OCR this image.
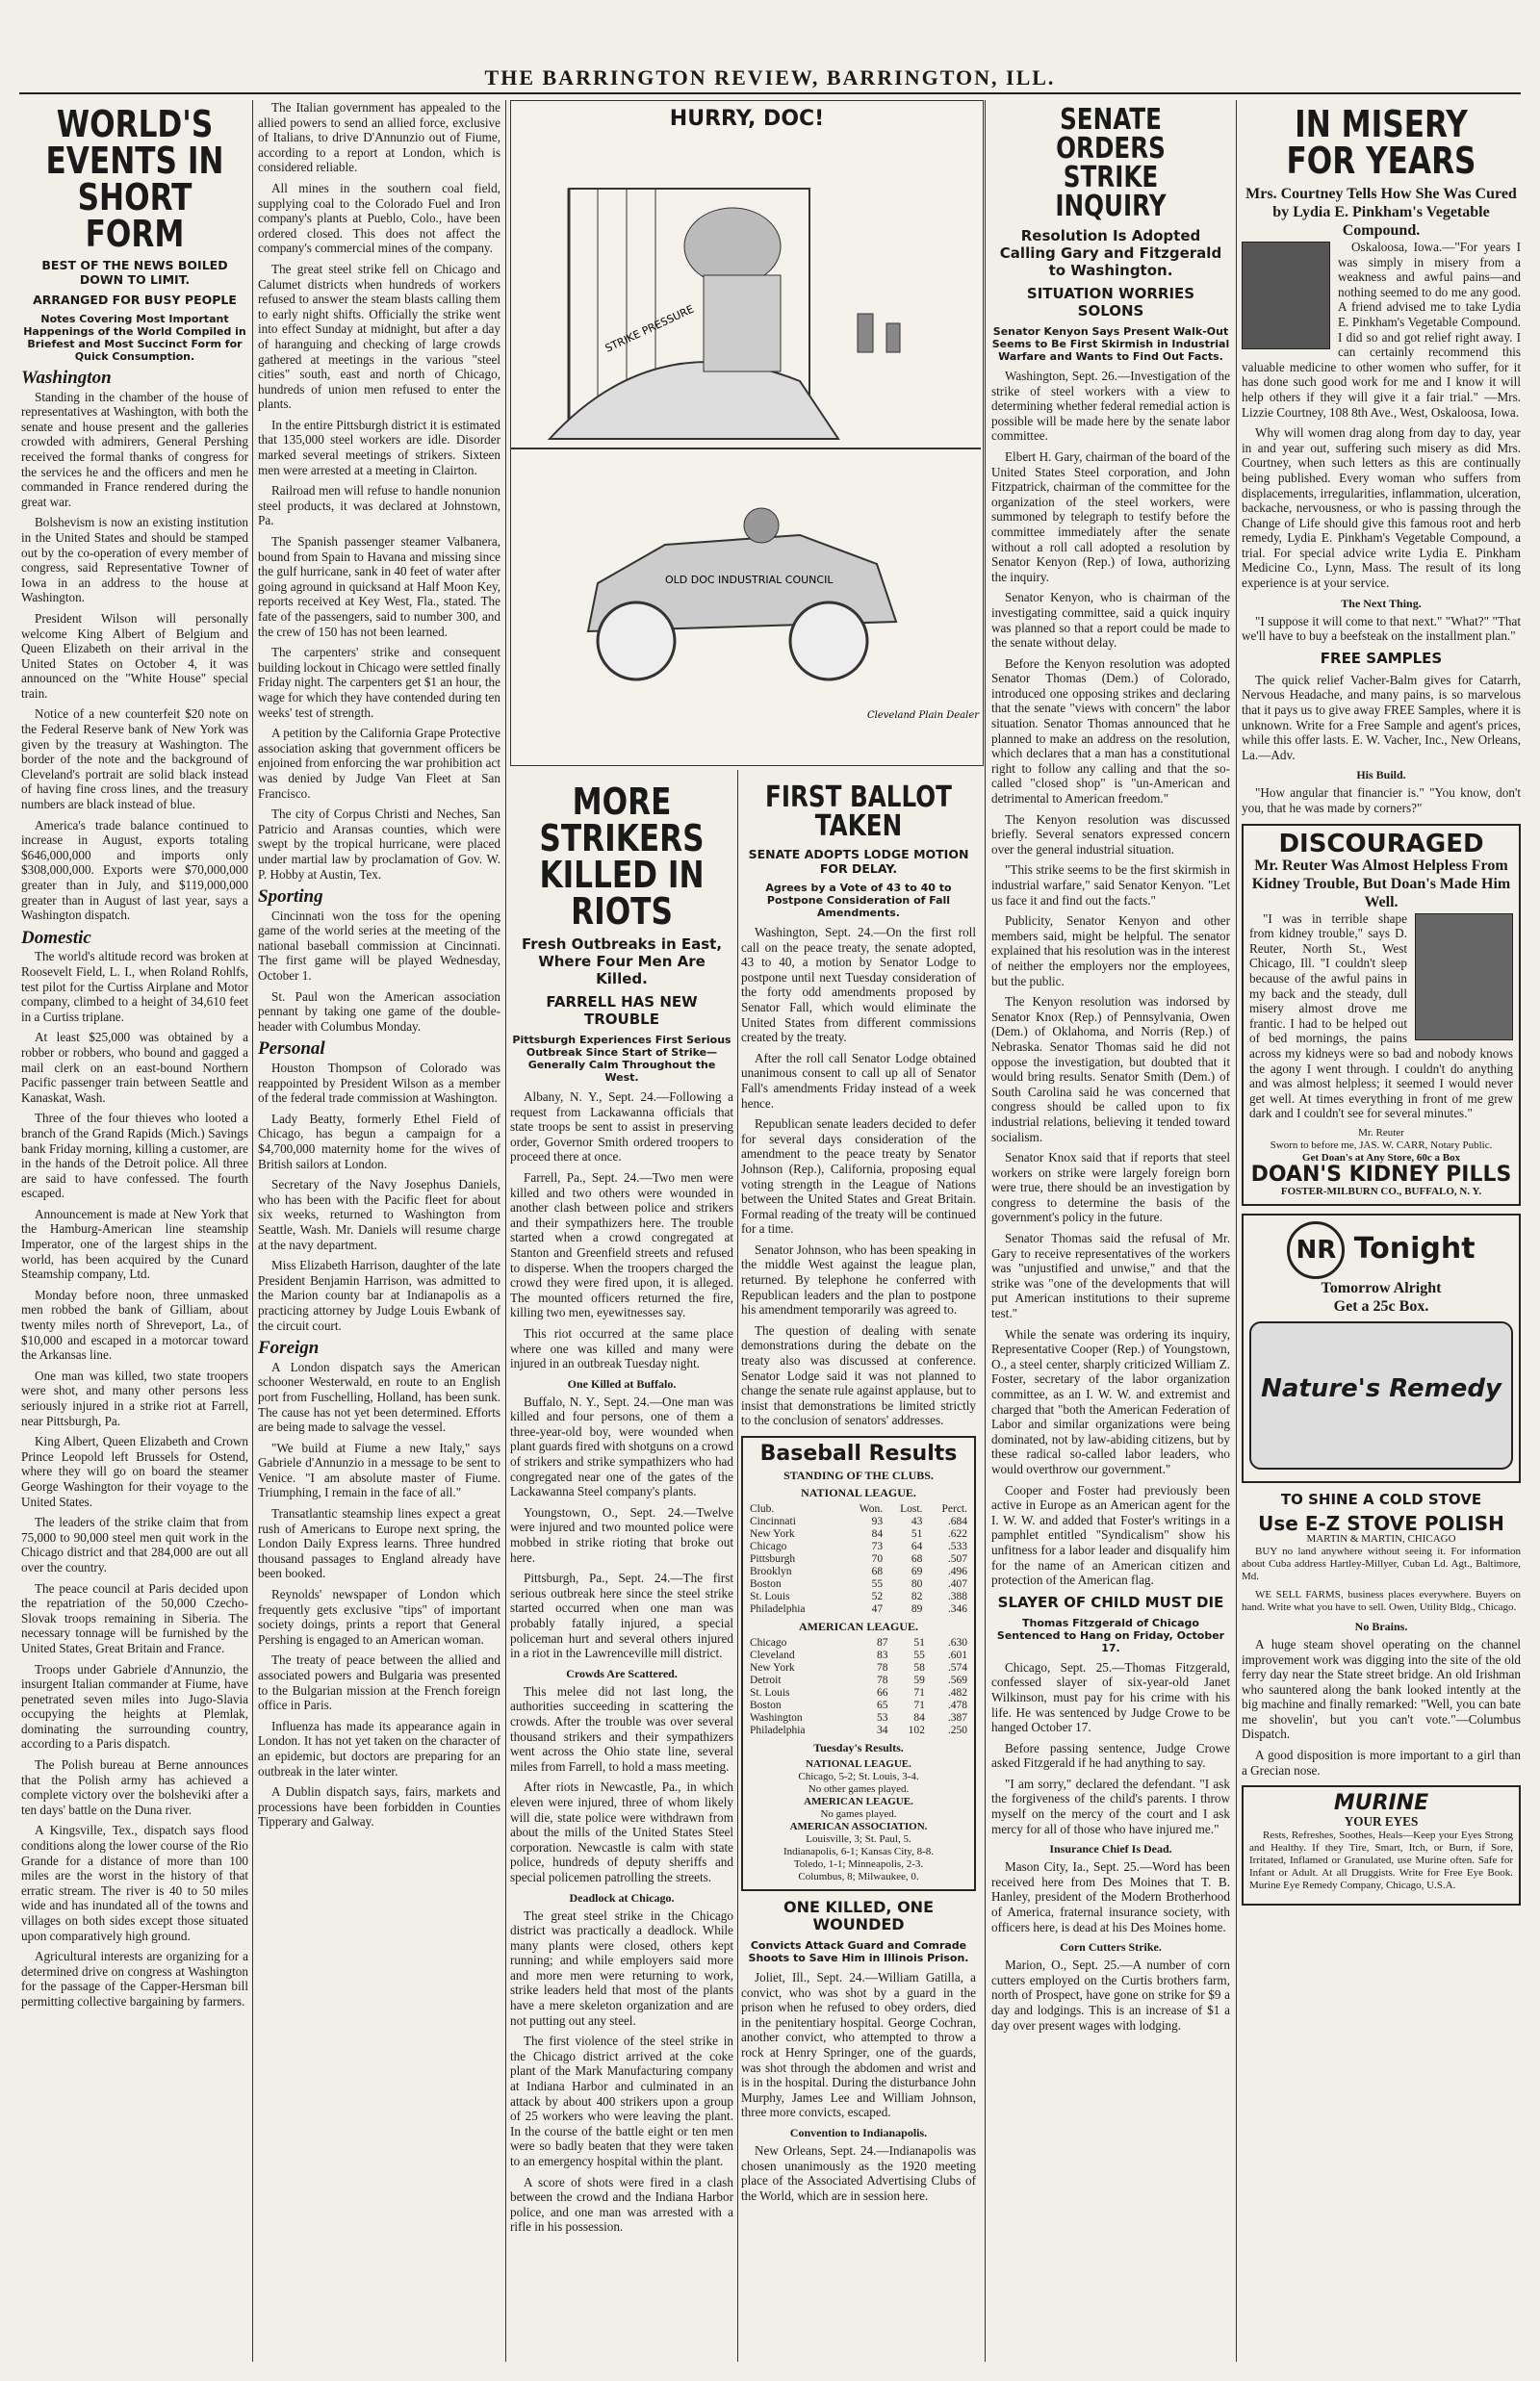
THE BARRINGTON REVIEW, BARRINGTON, ILL.
WORLD'S EVENTS IN SHORT FORM
BEST OF THE NEWS BOILED DOWN TO LIMIT.
ARRANGED FOR BUSY PEOPLE
Notes Covering Most Important Happenings of the World Compiled in Briefest and Most Succinct Form for Quick Consumption.
Washington

Standing in the chamber of the house of representatives at Washington, with both the senate and house present and the galleries crowded with admirers, General Pershing received the formal thanks of congress for the services he and the officers and men he commanded in France rendered during the great war.

Bolshevism is now an existing institution in the United States and should be stamped out by the co-operation of every member of congress, said Representative Towner of Iowa in an address to the house at Washington.

President Wilson will personally welcome King Albert of Belgium and Queen Elizabeth on their arrival in the United States on October 4, it was announced on the "White House" special train.

Notice of a new counterfeit $20 note on the Federal Reserve bank of New York was given by the treasury at Washington. The border of the note and the background of Cleveland's portrait are solid black instead of having fine cross lines, and the treasury numbers are black instead of blue.

America's trade balance continued to increase in August, exports totaling $646,000,000 and imports only $308,000,000. Exports were $70,000,000 greater than in July, and $119,000,000 greater than in August of last year, says a Washington dispatch.

Domestic

The world's altitude record was broken at Roosevelt Field, L. I., when Roland Rohlfs, test pilot for the Curtiss Airplane and Motor company, climbed to a height of 34,610 feet in a Curtiss triplane.

At least $25,000 was obtained by a robber or robbers, who bound and gagged a mail clerk on an east-bound Northern Pacific passenger train between Seattle and Kanaskat, Wash.

Three of the four thieves who looted a branch of the Grand Rapids (Mich.) Savings bank Friday morning, killing a customer, are in the hands of the Detroit police. All three are said to have confessed. The fourth escaped.

Announcement is made at New York that the Hamburg-American line steamship Imperator, one of the largest ships in the world, has been acquired by the Cunard Steamship company, Ltd.

Monday before noon, three unmasked men robbed the bank of Gilliam, about twenty miles north of Shreveport, La., of $10,000 and escaped in a motorcar toward the Arkansas line.

One man was killed, two state troopers were shot, and many other persons less seriously injured in a strike riot at Farrell, near Pittsburgh, Pa.

King Albert, Queen Elizabeth and Crown Prince Leopold left Brussels for Ostend, where they will go on board the steamer George Washington for their voyage to the United States.

The leaders of the strike claim that from 75,000 to 90,000 steel men quit work in the Chicago district and that 284,000 are out all over the country.

The peace council at Paris decided upon the repatriation of the 50,000 Czecho-Slovak troops remaining in Siberia. The necessary tonnage will be furnished by the United States, Great Britain and France.

Troops under Gabriele d'Annunzio, the insurgent Italian commander at Fiume, have penetrated seven miles into Jugo-Slavia occupying the heights at Plemlak, dominating the surrounding country, according to a Paris dispatch.

The Polish bureau at Berne announces that the Polish army has achieved a complete victory over the bolsheviki after a ten days' battle on the Duna river.

A Kingsville, Tex., dispatch says flood conditions along the lower course of the Rio Grande for a distance of more than 100 miles are the worst in the history of that erratic stream. The river is 40 to 50 miles wide and has inundated all of the towns and villages on both sides except those situated upon comparatively high ground.

Agricultural interests are organizing for a determined drive on congress at Washington for the passage of the Capper-Hersman bill permitting collective bargaining by farmers.

The Italian government has appealed to the allied powers to send an allied force, exclusive of Italians, to drive D'Annunzio out of Fiume, according to a report at London, which is considered reliable.

All mines in the southern coal field, supplying coal to the Colorado Fuel and Iron company's plants at Pueblo, Colo., have been ordered closed. This does not affect the company's commercial mines of the company.

The great steel strike fell on Chicago and Calumet districts when hundreds of workers refused to answer the steam blasts calling them to early night shifts. Officially the strike went into effect Sunday at midnight, but after a day of haranguing and checking of large crowds gathered at meetings in the various "steel cities" south, east and north of Chicago, hundreds of union men refused to enter the plants.

In the entire Pittsburgh district it is estimated that 135,000 steel workers are idle. Disorder marked several meetings of strikers. Sixteen men were arrested at a meeting in Clairton.

Railroad men will refuse to handle nonunion steel products, it was declared at Johnstown, Pa.

The Spanish passenger steamer Valbanera, bound from Spain to Havana and missing since the gulf hurricane, sank in 40 feet of water after going aground in quicksand at Half Moon Key, reports received at Key West, Fla., stated. The fate of the passengers, said to number 300, and the crew of 150 has not been learned.

The carpenters' strike and consequent building lockout in Chicago were settled finally Friday night. The carpenters get $1 an hour, the wage for which they have contended during ten weeks' test of strength.

A petition by the California Grape Protective association asking that government officers be enjoined from enforcing the war prohibition act was denied by Judge Van Fleet at San Francisco.

The city of Corpus Christi and Neches, San Patricio and Aransas counties, which were swept by the tropical hurricane, were placed under martial law by proclamation of Gov. W. P. Hobby at Austin, Tex.

Sporting

Cincinnati won the toss for the opening game of the world series at the meeting of the national baseball commission at Cincinnati. The first game will be played Wednesday, October 1.

St. Paul won the American association pennant by taking one game of the double-header with Columbus Monday.

Personal

Houston Thompson of Colorado was reappointed by President Wilson as a member of the federal trade commission at Washington.

Lady Beatty, formerly Ethel Field of Chicago, has begun a campaign for a $4,700,000 maternity home for the wives of British sailors at London.

Secretary of the Navy Josephus Daniels, who has been with the Pacific fleet for about six weeks, returned to Washington from Seattle, Wash. Mr. Daniels will resume charge at the navy department.

Miss Elizabeth Harrison, daughter of the late President Benjamin Harrison, was admitted to the Marion county bar at Indianapolis as a practicing attorney by Judge Louis Ewbank of the circuit court.

Foreign

A London dispatch says the American schooner Westerwald, en route to an English port from Fuschelling, Holland, has been sunk. The cause has not yet been determined. Efforts are being made to salvage the vessel.

"We build at Fiume a new Italy," says Gabriele d'Annunzio in a message to be sent to Venice. "I am absolute master of Fiume. Triumphing, I remain in the face of all."

Transatlantic steamship lines expect a great rush of Americans to Europe next spring, the London Daily Express learns. Three hundred thousand passages to England already have been booked.

Reynolds' newspaper of London which frequently gets exclusive "tips" of important society doings, prints a report that General Pershing is engaged to an American woman.

The treaty of peace between the allied and associated powers and Bulgaria was presented to the Bulgarian mission at the French foreign office in Paris.

Influenza has made its appearance again in London. It has not yet taken on the character of an epidemic, but doctors are preparing for an outbreak in the later winter.

A Dublin dispatch says, fairs, markets and processions have been forbidden in Counties Tipperary and Galway.

HURRY, DOC!
STRIKE PRESSURE
OLD DOC INDUSTRIAL COUNCIL
Cleveland Plain Dealer
MORE STRIKERS KILLED IN RIOTS
Fresh Outbreaks in East, Where Four Men Are Killed.
FARRELL HAS NEW TROUBLE
Pittsburgh Experiences First Serious Outbreak Since Start of Strike—Generally Calm Throughout the West.

Albany, N. Y., Sept. 24.—Following a request from Lackawanna officials that state troops be sent to assist in preserving order, Governor Smith ordered troopers to proceed there at once.

Farrell, Pa., Sept. 24.—Two men were killed and two others were wounded in another clash between police and strikers and their sympathizers here. The trouble started when a crowd congregated at Stanton and Greenfield streets and refused to disperse. When the troopers charged the crowd they were fired upon, it is alleged. The mounted officers returned the fire, killing two men, eyewitnesses say.

This riot occurred at the same place where one was killed and many were injured in an outbreak Tuesday night.

One Killed at Buffalo.

Buffalo, N. Y., Sept. 24.—One man was killed and four persons, one of them a three-year-old boy, were wounded when plant guards fired with shotguns on a crowd of strikers and strike sympathizers who had congregated near one of the gates of the Lackawanna Steel company's plants.

Youngstown, O., Sept. 24.—Twelve were injured and two mounted police were mobbed in strike rioting that broke out here.

Pittsburgh, Pa., Sept. 24.—The first serious outbreak here since the steel strike started occurred when one man was probably fatally injured, a special policeman hurt and several others injured in a riot in the Lawrenceville mill district.

Crowds Are Scattered.

This melee did not last long, the authorities succeeding in scattering the crowds. After the trouble was over several thousand strikers and their sympathizers went across the Ohio state line, several miles from Farrell, to hold a mass meeting.

After riots in Newcastle, Pa., in which eleven were injured, three of whom likely will die, state police were withdrawn from about the mills of the United States Steel corporation. Newcastle is calm with state police, hundreds of deputy sheriffs and special policemen patrolling the streets.

Deadlock at Chicago.

The great steel strike in the Chicago district was practically a deadlock. While many plants were closed, others kept running; and while employers said more and more men were returning to work, strike leaders held that most of the plants have a mere skeleton organization and are not putting out any steel.

The first violence of the steel strike in the Chicago district arrived at the coke plant of the Mark Manufacturing company at Indiana Harbor and culminated in an attack by about 400 strikers upon a group of 25 workers who were leaving the plant. In the course of the battle eight or ten men were so badly beaten that they were taken to an emergency hospital within the plant.

A score of shots were fired in a clash between the crowd and the Indiana Harbor police, and one man was arrested with a rifle in his possession.

FIRST BALLOT TAKEN
SENATE ADOPTS LODGE MOTION FOR DELAY.
Agrees by a Vote of 43 to 40 to Postpone Consideration of Fall Amendments.

Washington, Sept. 24.—On the first roll call on the peace treaty, the senate adopted, 43 to 40, a motion by Senator Lodge to postpone until next Tuesday consideration of the forty odd amendments proposed by Senator Fall, which would eliminate the United States from different commissions created by the treaty.

After the roll call Senator Lodge obtained unanimous consent to call up all of Senator Fall's amendments Friday instead of a week hence.

Republican senate leaders decided to defer for several days consideration of the amendment to the peace treaty by Senator Johnson (Rep.), California, proposing equal voting strength in the League of Nations between the United States and Great Britain. Formal reading of the treaty will be continued for a time.

Senator Johnson, who has been speaking in the middle West against the league plan, returned. By telephone he conferred with Republican leaders and the plan to postpone his amendment temporarily was agreed to.

The question of dealing with senate demonstrations during the debate on the treaty also was discussed at conference. Senator Lodge said it was not planned to change the senate rule against applause, but to insist that demonstrations be limited strictly to the conclusion of senators' addresses.

Baseball Results
STANDING OF THE CLUBS.
NATIONAL LEAGUE.
Club.	Won.	Lost.	Perct.
Cincinnati	93	43	.684
New York	84	51	.622
Chicago	73	64	.533
Pittsburgh	70	68	.507
Brooklyn	68	69	.496
Boston	55	80	.407
St. Louis	52	82	.388
Philadelphia	47	89	.346
AMERICAN LEAGUE.
Chicago	87	51	.630
Cleveland	83	55	.601
New York	78	58	.574
Detroit	78	59	.569
St. Louis	66	71	.482
Boston	65	71	.478
Washington	53	84	.387
Philadelphia	34	102	.250
Tuesday's Results.
NATIONAL LEAGUE.
Chicago, 5-2; St. Louis, 3-4.
No other games played.
AMERICAN LEAGUE.
No games played.
AMERICAN ASSOCIATION.
Louisville, 3; St. Paul, 5.
Indianapolis, 6-1; Kansas City, 8-8.
Toledo, 1-1; Minneapolis, 2-3.
Columbus, 8; Milwaukee, 0.
ONE KILLED, ONE WOUNDED
Convicts Attack Guard and Comrade Shoots to Save Him in Illinois Prison.

Joliet, Ill., Sept. 24.—William Gatilla, a convict, who was shot by a guard in the prison when he refused to obey orders, died in the penitentiary hospital. George Cochran, another convict, who attempted to throw a rock at Henry Springer, one of the guards, was shot through the abdomen and wrist and is in the hospital. During the disturbance John Murphy, James Lee and William Johnson, three more convicts, escaped.

Convention to Indianapolis.

New Orleans, Sept. 24.—Indianapolis was chosen unanimously as the 1920 meeting place of the Associated Advertising Clubs of the World, which are in session here.

SENATE ORDERS STRIKE INQUIRY
Resolution Is Adopted Calling Gary and Fitzgerald to Washington.
SITUATION WORRIES SOLONS
Senator Kenyon Says Present Walk-Out Seems to Be First Skirmish in Industrial Warfare and Wants to Find Out Facts.

Washington, Sept. 26.—Investigation of the strike of steel workers with a view to determining whether federal remedial action is possible will be made here by the senate labor committee.

Elbert H. Gary, chairman of the board of the United States Steel corporation, and John Fitzpatrick, chairman of the committee for the organization of the steel workers, were summoned by telegraph to testify before the committee immediately after the senate without a roll call adopted a resolution by Senator Kenyon (Rep.) of Iowa, authorizing the inquiry.

Senator Kenyon, who is chairman of the investigating committee, said a quick inquiry was planned so that a report could be made to the senate without delay.

Before the Kenyon resolution was adopted Senator Thomas (Dem.) of Colorado, introduced one opposing strikes and declaring that the senate "views with concern" the labor situation. Senator Thomas announced that he planned to make an address on the resolution, which declares that a man has a constitutional right to follow any calling and that the so-called "closed shop" is "un-American and detrimental to American freedom."

The Kenyon resolution was discussed briefly. Several senators expressed concern over the general industrial situation.

"This strike seems to be the first skirmish in industrial warfare," said Senator Kenyon. "Let us face it and find out the facts."

Publicity, Senator Kenyon and other members said, might be helpful. The senator explained that his resolution was in the interest of neither the employers nor the employees, but the public.

The Kenyon resolution was indorsed by Senator Knox (Rep.) of Pennsylvania, Owen (Dem.) of Oklahoma, and Norris (Rep.) of Nebraska. Senator Thomas said he did not oppose the investigation, but doubted that it would bring results. Senator Smith (Dem.) of South Carolina said he was concerned that congress should be called upon to fix industrial relations, believing it tended toward socialism.

Senator Knox said that if reports that steel workers on strike were largely foreign born were true, there should be an investigation by congress to determine the basis of the government's policy in the future.

Senator Thomas said the refusal of Mr. Gary to receive representatives of the workers was "unjustified and unwise," and that the strike was "one of the developments that will put American institutions to their supreme test."

While the senate was ordering its inquiry, Representative Cooper (Rep.) of Youngstown, O., a steel center, sharply criticized William Z. Foster, secretary of the labor organization committee, as an I. W. W. and extremist and charged that "both the American Federation of Labor and similar organizations were being dominated, not by law-abiding citizens, but by these radical so-called labor leaders, who would overthrow our government."

Cooper and Foster had previously been active in Europe as an American agent for the I. W. W. and added that Foster's writings in a pamphlet entitled "Syndicalism" show his unfitness for a labor leader and disqualify him for the name of an American citizen and protection of the American flag.

SLAYER OF CHILD MUST DIE
Thomas Fitzgerald of Chicago Sentenced to Hang on Friday, October 17.

Chicago, Sept. 25.—Thomas Fitzgerald, confessed slayer of six-year-old Janet Wilkinson, must pay for his crime with his life. He was sentenced by Judge Crowe to be hanged October 17.

Before passing sentence, Judge Crowe asked Fitzgerald if he had anything to say.

"I am sorry," declared the defendant. "I ask the forgiveness of the child's parents. I throw myself on the mercy of the court and I ask mercy for all of those who have injured me."

Insurance Chief Is Dead.

Mason City, Ia., Sept. 25.—Word has been received here from Des Moines that T. B. Hanley, president of the Modern Brotherhood of America, fraternal insurance society, with officers here, is dead at his Des Moines home.

Corn Cutters Strike.

Marion, O., Sept. 25.—A number of corn cutters employed on the Curtis brothers farm, north of Prospect, have gone on strike for $9 a day and lodgings. This is an increase of $1 a day over present wages with lodging.

IN MISERY FOR YEARS
Mrs. Courtney Tells How She Was Cured by Lydia E. Pinkham's Vegetable Compound.

Oskaloosa, Iowa.—"For years I was simply in misery from a weakness and awful pains—and nothing seemed to do me any good. A friend advised me to take Lydia E. Pinkham's Vegetable Compound. I did so and got relief right away. I can certainly recommend this valuable medicine to other women who suffer, for it has done such good work for me and I know it will help others if they will give it a fair trial." —Mrs. Lizzie Courtney, 108 8th Ave., West, Oskaloosa, Iowa.

Why will women drag along from day to day, year in and year out, suffering such misery as did Mrs. Courtney, when such letters as this are continually being published. Every woman who suffers from displacements, irregularities, inflammation, ulceration, backache, nervousness, or who is passing through the Change of Life should give this famous root and herb remedy, Lydia E. Pinkham's Vegetable Compound, a trial. For special advice write Lydia E. Pinkham Medicine Co., Lynn, Mass. The result of its long experience is at your service.

The Next Thing.

"I suppose it will come to that next." "What?" "That we'll have to buy a beefsteak on the installment plan."

FREE SAMPLES

The quick relief Vacher-Balm gives for Catarrh, Nervous Headache, and many pains, is so marvelous that it pays us to give away FREE Samples, where it is unknown. Write for a Free Sample and agent's prices, while this offer lasts. E. W. Vacher, Inc., New Orleans, La.—Adv.

His Build.

"How angular that financier is." "You know, don't you, that he was made by corners?"

DISCOURAGED
Mr. Reuter Was Almost Helpless From Kidney Trouble, But Doan's Made Him Well.

"I was in terrible shape from kidney trouble," says D. Reuter, North St., West Chicago, Ill. "I couldn't sleep because of the awful pains in my back and the steady, dull misery almost drove me frantic. I had to be helped out of bed mornings, the pains across my kidneys were so bad and nobody knows the agony I went through. I couldn't do anything and was almost helpless; it seemed I would never get well. At times everything in front of me grew dark and I couldn't see for several minutes."

Mr. Reuter
Sworn to before me, JAS. W. CARR, Notary Public.
Get Doan's at Any Store, 60c a Box
DOAN'S KIDNEY PILLS
FOSTER-MILBURN CO., BUFFALO, N. Y.
NR Tonight
Tomorrow Alright
Get a 25c Box.
Nature's Remedy
TO SHINE A COLD STOVE
Use E-Z STOVE POLISH
MARTIN & MARTIN, CHICAGO

BUY no land anywhere without seeing it. For information about Cuba address Hartley-Millyer, Cuban Ld. Agt., Baltimore, Md.

WE SELL FARMS, business places everywhere. Buyers on hand. Write what you have to sell. Owen, Utility Bldg., Chicago.

No Brains.

A huge steam shovel operating on the channel improvement work was digging into the site of the old ferry day near the State street bridge. An old Irishman who sauntered along the bank looked intently at the big machine and finally remarked: "Well, you can bate me shovelin', but you can't vote."—Columbus Dispatch.

A good disposition is more important to a girl than a Grecian nose.

MURINE
YOUR EYES

Rests, Refreshes, Soothes, Heals—Keep your Eyes Strong and Healthy. If they Tire, Smart, Itch, or Burn, if Sore, Irritated, Inflamed or Granulated, use Murine often. Safe for Infant or Adult. At all Druggists. Write for Free Eye Book. Murine Eye Remedy Company, Chicago, U.S.A.
